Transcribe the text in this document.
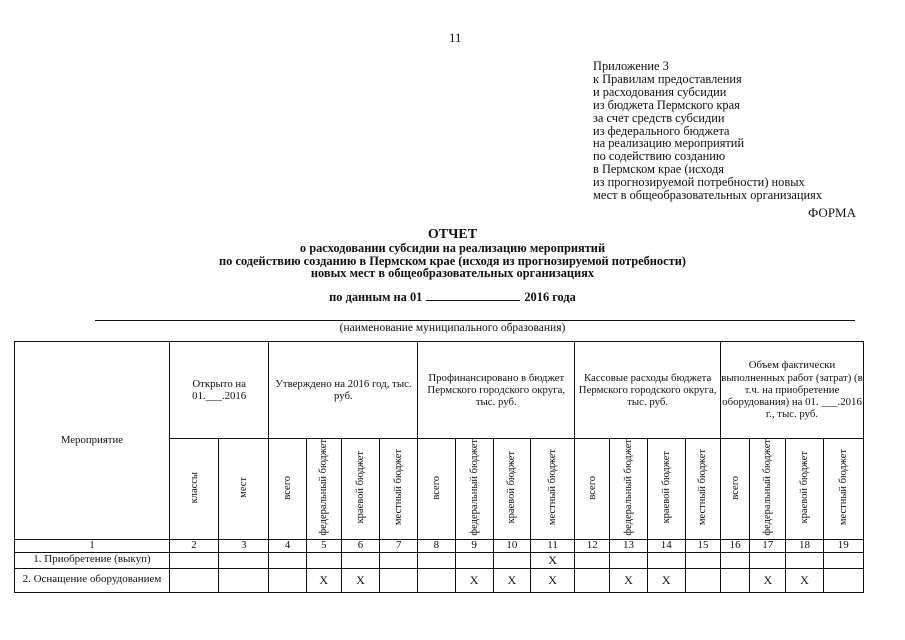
11
Приложение 3
к Правилам предоставления
и расходования субсидии
из бюджета Пермского края
за счет средств субсидии
из федерального бюджета
на реализацию мероприятий
по содействию созданию
в Пермском крае (исходя
из прогнозируемой потребности) новых
мест в общеобразовательных организациях
ФОРМА
ОТЧЕТ
о расходовании субсидии на реализацию мероприятий
по содействию созданию в Пермском крае (исходя из прогнозируемой потребности)
новых мест в общеобразовательных организациях
по данным на 01	2016 года
(наименование муниципального образования)
Мероприятие	Открыто на 01.___.2016		Утверждено на 2016 год, тыс. руб.				Профинансировано в бюджет Пермского городского округа, тыс. руб.				Кассовые расходы бюджета Пермского городского округа, тыс. руб.				Объем фактически выполненных работ (затрат) (в т.ч. на приобретение оборудования) на 01. ___.2016 г., тыс. руб.			
	классы	мест	всего	федеральный бюджет	краевой бюджет	местный бюджет	всего	федеральный бюджет	краевой бюджет	местный бюджет	всего	федеральный бюджет	краевой бюджет	местный бюджет	всего	федеральный бюджет	краевой бюджет	местный бюджет
1	2	3	4	5	6	7	8	9	10	11	12	13	14	15	16	17	18	19
1. Приобретение (выкуп)										X								
2. Оснащение оборудованием				X	X			X	X	X		X	X			X	X	
